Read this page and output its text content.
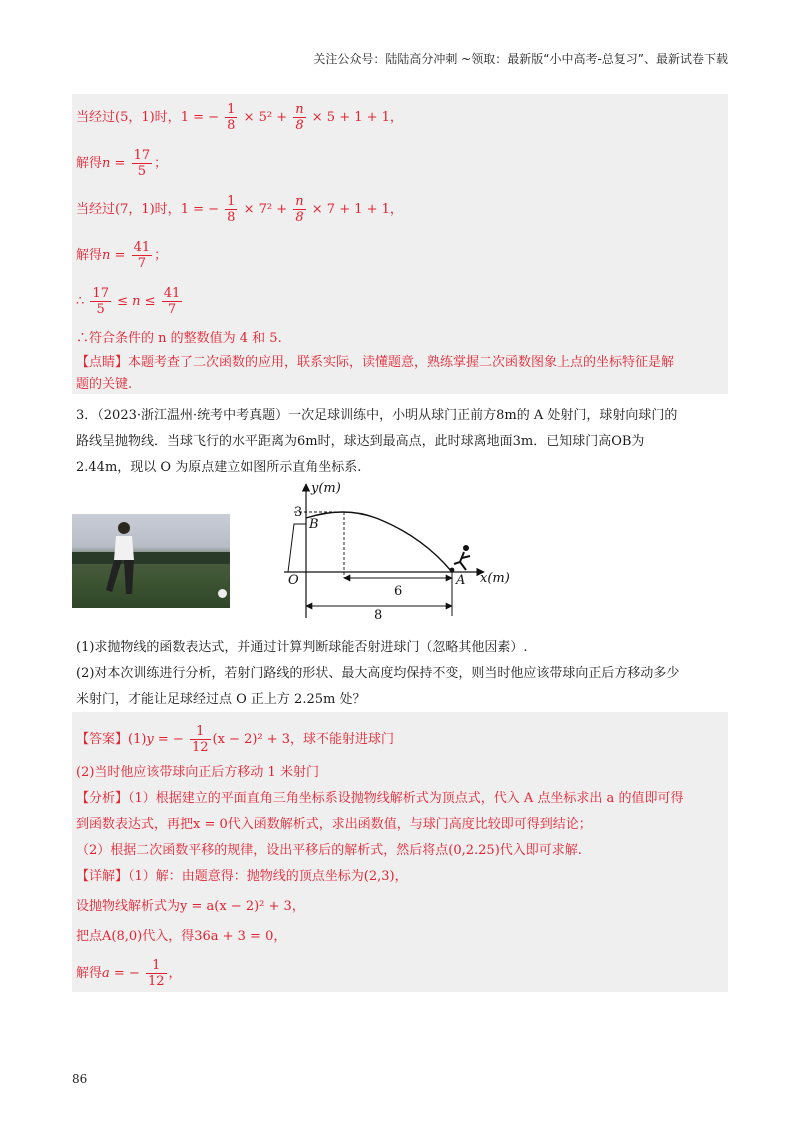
关注公众号：陆陆高分冲刺 ~领取：最新版“小中高考-总复习”、最新试卷下载
当经过(5，1)时，1 = − $\frac{1}{8} \times 5^2 + \frac{n}{8} \times 5 + 1 + 1$，
解得$n = \frac{17}{5}$ ；
当经过(7，1)时，1 = − $\frac{1}{8} \times 7^2 + \frac{n}{8} \times 7 + 1 + 1$，
解得$n = \frac{41}{7}$ ；
∴ $\frac{17}{5} \le n \le \frac{41}{7}$
∴符合条件的 n 的整数值为 4 和 5.
【点睛】本题考查了二次函数的应用，联系实际，读懂题意，熟练掌握二次函数图象上点的坐标特征是解
题的关键.
3．（2023·浙江温州·统考中考真题）一次足球训练中，小明从球门正前方8m的 A 处射门，球射向球门的
路线呈抛物线．当球飞行的水平距离为6m时，球达到最高点，此时球离地面3m．已知球门高OB为
2.44m，现以 O 为原点建立如图所示直角坐标系.
y(m)
x(m)
O
B
A
3
6
8
(1)求抛物线的函数表达式，并通过计算判断球能否射进球门（忽略其他因素）.
(2)对本次训练进行分析，若射门路线的形状、最大高度均保持不变，则当时他应该带球向正后方移动多少
米射门，才能让足球经过点 O 正上方 2.25m 处？
【答案】(1)y = − $\frac{1}{12} (x - 2)^2 + 3$，球不能射进球门
(2)当时他应该带球向正后方移动 1 米射门
【分析】（1）根据建立的平面直角三角坐标系设抛物线解析式为顶点式，代入 A 点坐标求出 a 的值即可得
到函数表达式，再把x = 0代入函数解析式，求出函数值，与球门高度比较即可得到结论；
（2）根据二次函数平移的规律，设出平移后的解析式，然后将点(0,2.25)代入即可求解.
【详解】（1）解：由题意得：抛物线的顶点坐标为(2,3)，
设抛物线解析式为y = a(x − 2)² + 3，
把点A(8,0)代入，得36a + 3 = 0，
解得a = − $\frac{1}{12}$ ，
86
